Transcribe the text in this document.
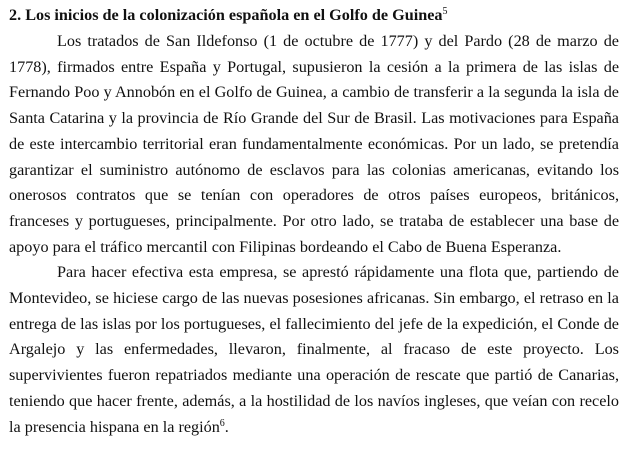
2. Los inicios de la colonización española en el Golfo de Guinea$^5$

Los tratados de San Ildefonso (1 de octubre de 1777) y del Pardo (28 de marzo de
1778), firmados entre España y Portugal, supusieron la cesión a la primera de las islas de
Fernando Poo y Annobón en el Golfo de Guinea, a cambio de transferir a la segunda la isla de
Santa Catarina y la provincia de Río Grande del Sur de Brasil. Las motivaciones para España
de este intercambio territorial eran fundamentalmente económicas. Por un lado, se pretendía
garantizar el suministro autónomo de esclavos para las colonias americanas, evitando los
onerosos contratos que se tenían con operadores de otros países europeos, británicos,
franceses y portugueses, principalmente. Por otro lado, se trataba de establecer una base de
apoyo para el tráfico mercantil con Filipinas bordeando el Cabo de Buena Esperanza.

Para hacer efectiva esta empresa, se aprestó rápidamente una flota que, partiendo de
Montevideo, se hiciese cargo de las nuevas posesiones africanas. Sin embargo, el retraso en la
entrega de las islas por los portugueses, el fallecimiento del jefe de la expedición, el Conde de
Argalejo y las enfermedades, llevaron, finalmente, al fracaso de este proyecto. Los
supervivientes fueron repatriados mediante una operación de rescate que partió de Canarias,
teniendo que hacer frente, además, a la hostilidad de los navíos ingleses, que veían con recelo
la presencia hispana en la región$^6$.
